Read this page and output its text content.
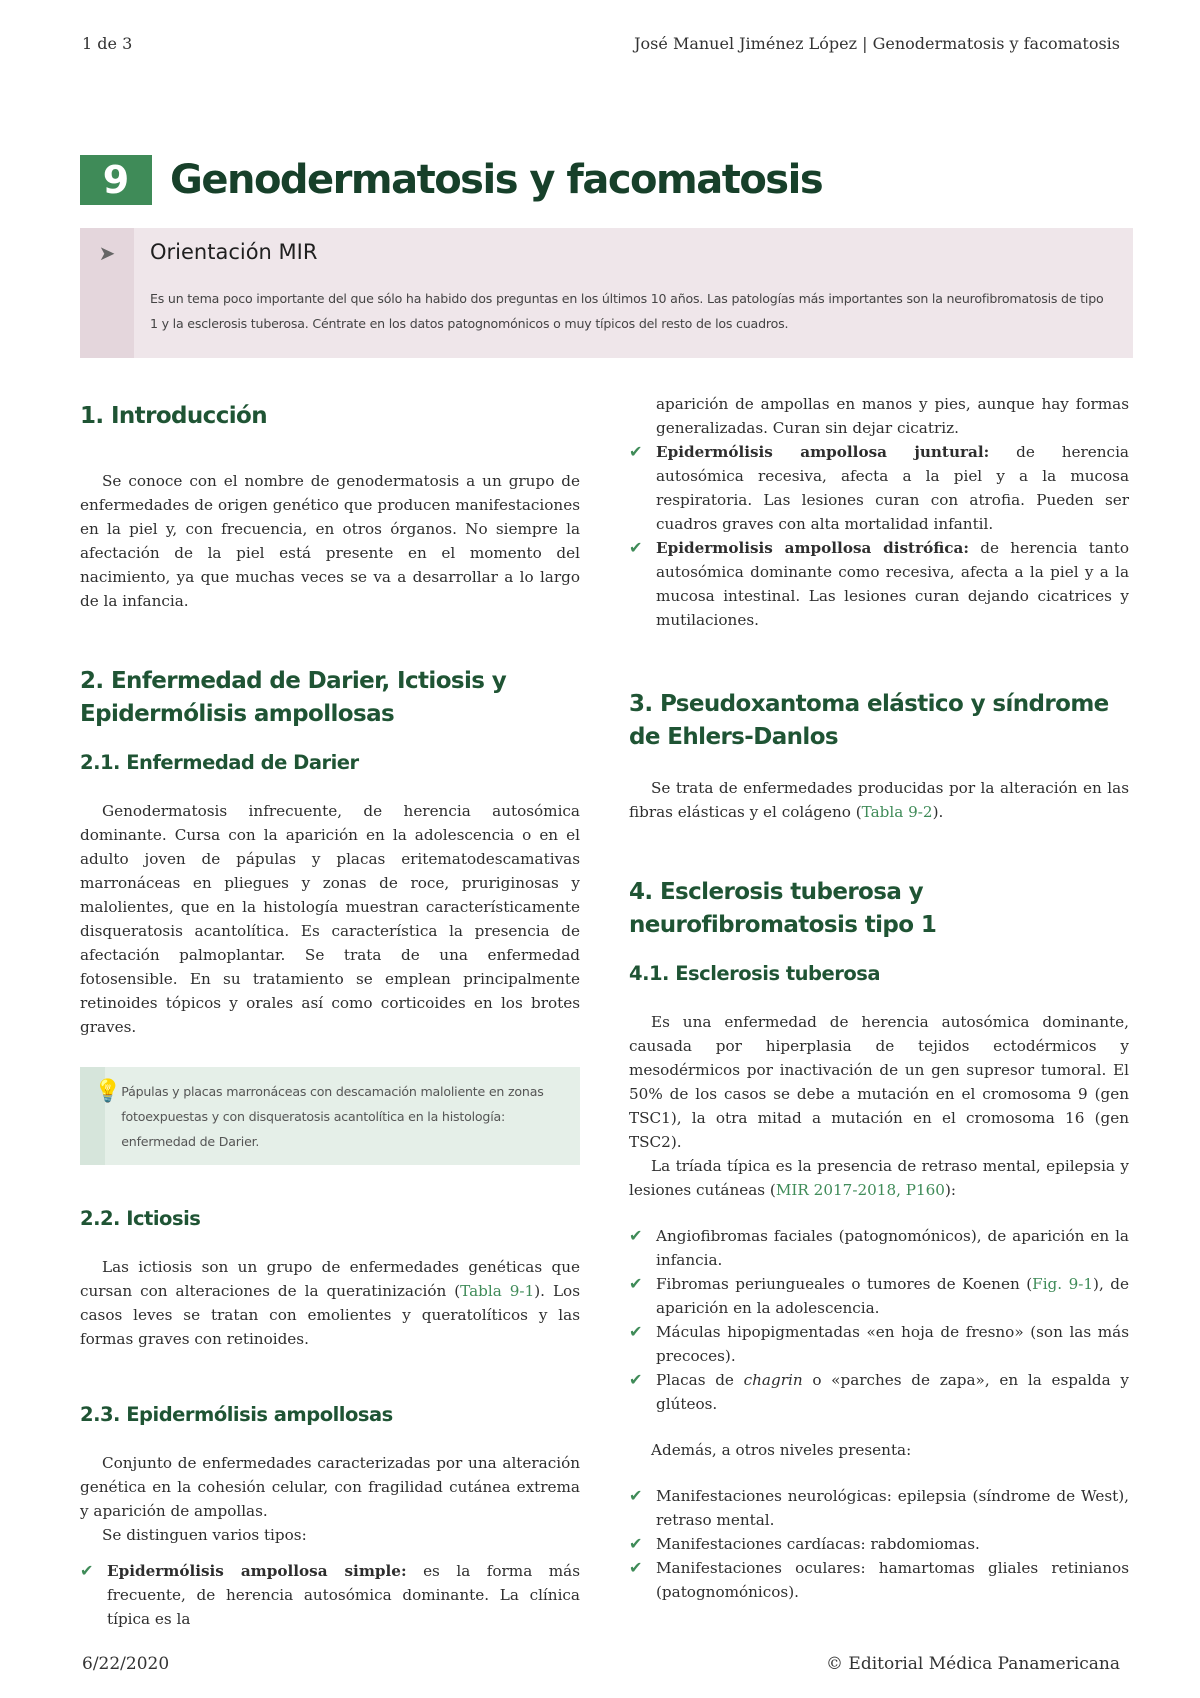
1 de 3	José Manuel Jiménez López | Genodermatosis y facomatosis
9	Genodermatosis y facomatosis
➤ Orientación MIR
Es un tema poco importante del que sólo ha habido dos preguntas en los últimos 10 años. Las patologías más importantes son la neurofibromatosis de tipo 1 y la esclerosis tuberosa. Céntrate en los datos patognomónicos o muy típicos del resto de los cuadros.
1. Introducción

Se conoce con el nombre de genodermatosis a un grupo de enfermedades de origen genético que producen manifestaciones en la piel y, con frecuencia, en otros órganos. No siempre la afectación de la piel está presente en el momento del nacimiento, ya que muchas veces se va a desarrollar a lo largo de la infancia.

2. Enfermedad de Darier, Ictiosis y Epidermólisis ampollosas
2.1. Enfermedad de Darier

Genodermatosis infrecuente, de herencia autosómica dominante. Cursa con la aparición en la adolescencia o en el adulto joven de pápulas y placas eritematodescamativas marronáceas en pliegues y zonas de roce, pruriginosas y malolientes, que en la histología muestran característicamente disqueratosis acantolítica. Es característica la presencia de afectación palmoplantar. Se trata de una enfermedad fotosensible. En su tratamiento se emplean principalmente retinoides tópicos y orales así como corticoides en los brotes graves.

💡 Pápulas y placas marronáceas con descamación maloliente en zonas fotoexpuestas y con disqueratosis acantolítica en la histología: enfermedad de Darier.
2.2. Ictiosis

Las ictiosis son un grupo de enfermedades genéticas que cursan con alteraciones de la queratinización (Tabla 9-1). Los casos leves se tratan con emolientes y queratolíticos y las formas graves con retinoides.

2.3. Epidermólisis ampollosas

Conjunto de enfermedades caracterizadas por una alteración genética en la cohesión celular, con fragilidad cutánea extrema y aparición de ampollas.

Se distinguen varios tipos:

✔ Epidermólisis ampollosa simple: es la forma más frecuente, de herencia autosómica dominante. La clínica típica es la

aparición de ampollas en manos y pies, aunque hay formas generalizadas. Curan sin dejar cicatriz.

✔ Epidermólisis ampollosa juntural: de herencia autosómica recesiva, afecta a la piel y a la mucosa respiratoria. Las lesiones curan con atrofia. Pueden ser cuadros graves con alta mortalidad infantil.
✔ Epidermolisis ampollosa distrófica: de herencia tanto autosómica dominante como recesiva, afecta a la piel y a la mucosa intestinal. Las lesiones curan dejando cicatrices y mutilaciones.
3. Pseudoxantoma elástico y síndrome de Ehlers-Danlos

Se trata de enfermedades producidas por la alteración en las fibras elásticas y el colágeno (Tabla 9-2).

4. Esclerosis tuberosa y neurofibromatosis tipo 1
4.1. Esclerosis tuberosa

Es una enfermedad de herencia autosómica dominante, causada por hiperplasia de tejidos ectodérmicos y mesodérmicos por inactivación de un gen supresor tumoral. El 50% de los casos se debe a mutación en el cromosoma 9 (gen TSC1), la otra mitad a mutación en el cromosoma 16 (gen TSC2).

La tríada típica es la presencia de retraso mental, epilepsia y lesiones cutáneas (MIR 2017-2018, P160):

✔ Angiofibromas faciales (patognomónicos), de aparición en la infancia.
✔ Fibromas periungueales o tumores de Koenen (Fig. 9-1), de aparición en la adolescencia.
✔ Máculas hipopigmentadas «en hoja de fresno» (son las más precoces).
✔ Placas de chagrin o «parches de zapa», en la espalda y glúteos.

Además, a otros niveles presenta:

✔ Manifestaciones neurológicas: epilepsia (síndrome de West), retraso mental.
✔ Manifestaciones cardíacas: rabdomiomas.
✔ Manifestaciones oculares: hamartomas gliales retinianos (patognomónicos).
6/22/2020	© Editorial Médica Panamericana
